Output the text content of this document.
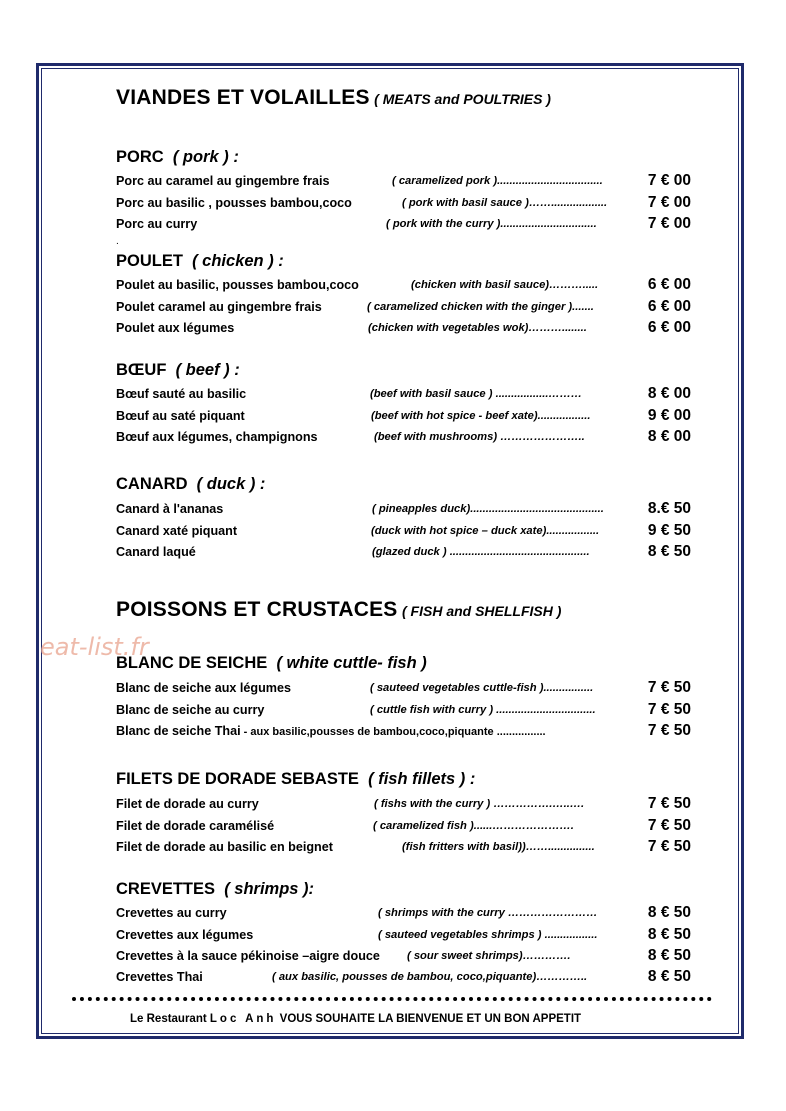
VIANDES ET VOLAILLES ( MEATS and POULTRIES )
POISSONS ET CRUSTACES ( FISH and SHELLFISH )
eat-list.fr
.
PORC ( pork ) :
Porc au caramel au gingembre frais	( caramelized pork )..................................	7 € 00
Porc au basilic , pousses bambou,coco	( pork with basil sauce )……..................	7 € 00
Porc au curry	( pork with the curry )...............................	7 € 00
POULET ( chicken ) :
Poulet au basilic, pousses bambou,coco	(chicken with basil sauce)……….....	6 € 00
Poulet caramel au gingembre frais	( caramelized chicken with the ginger ).......	6 € 00
Poulet aux légumes	(chicken with vegetables wok)………........	6 € 00
BŒUF ( beef ) :
Bœuf sauté au basilic	(beef with basil sauce ) .................………	8 € 00
Bœuf au saté piquant	(beef with hot spice - beef xate).................	9 € 00
Bœuf aux légumes, champignons	(beef with mushrooms) …………………..	8 € 00
CANARD ( duck ) :
Canard à l'ananas	( pineapples duck)...........................................	8.€ 50
Canard xaté piquant	(duck with hot spice – duck xate).................	9 € 50
Canard laqué	(glazed duck ) .............................................	8 € 50
BLANC DE SEICHE ( white cuttle- fish )
Blanc de seiche aux légumes	( sauteed vegetables cuttle-fish )................	7 € 50
Blanc de seiche au curry	( cuttle fish with curry ) ................................	7 € 50
Blanc de seiche Thai - aux basilic,pousses de bambou,coco,piquante ................	7 € 50
FILETS DE DORADE SEBASTE ( fish fillets ) :
Filet de dorade au curry	( fishs with the curry ) …………….…..….	7 € 50
Filet de dorade caramélisé	( caramelized fish )......………………….	7 € 50
Filet de dorade au basilic en beignet	(fish fritters with basil))……...............	7 € 50
CREVETTES ( shrimps ):
Crevettes au curry	( shrimps with the curry ……………………	8 € 50
Crevettes aux légumes	( sauteed vegetables shrimps ) .................	8 € 50
Crevettes à la sauce pékinoise –aigre douce ( sour sweet shrimps)………….	8 € 50
Crevettes Thai	( aux basilic, pousses de bambou, coco,piquante)…………..	8 € 50
Le Restaurant Loc Anh VOUS SOUHAITE LA BIENVENUE ET UN BON APPETIT
